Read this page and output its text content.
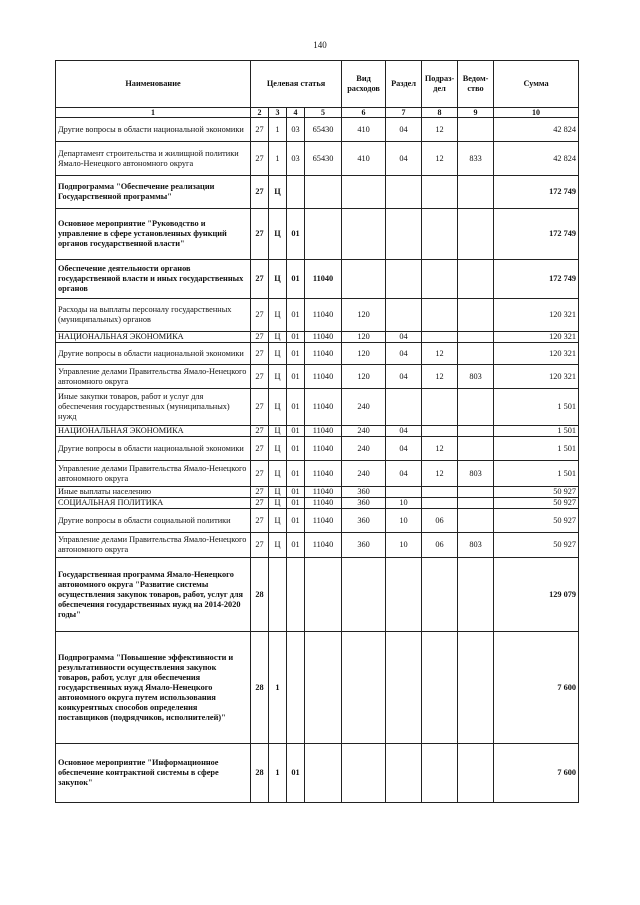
140
Наименование	Целевая статья				Вид расходов	Раздел	Подраз-дел	Ведом-ство	Сумма
1	2	3	4	5	6	7	8	9	10
Другие вопросы в области национальной экономики	27	1	03	65430	410	04	12		42 824
Департамент строительства и жилищной политики Ямало-Ненецкого автономного округа	27	1	03	65430	410	04	12	833	42 824
Подпрограмма "Обеспечение реализации Государственной программы"	27	Ц							172 749
Основное мероприятие "Руководство и управление в сфере установленных функций органов государственной власти"	27	Ц	01						172 749
Обеспечение деятельности органов государственной власти и иных государственных органов	27	Ц	01	11040					172 749
Расходы на выплаты персоналу государственных (муниципальных) органов	27	Ц	01	11040	120				120 321
НАЦИОНАЛЬНАЯ ЭКОНОМИКА	27	Ц	01	11040	120	04			120 321
Другие вопросы в области национальной экономики	27	Ц	01	11040	120	04	12		120 321
Управление делами Правительства Ямало-Ненецкого автономного округа	27	Ц	01	11040	120	04	12	803	120 321
Иные закупки товаров, работ и услуг для обеспечения государственных (муниципальных) нужд	27	Ц	01	11040	240				1 501
НАЦИОНАЛЬНАЯ ЭКОНОМИКА	27	Ц	01	11040	240	04			1 501
Другие вопросы в области национальной экономики	27	Ц	01	11040	240	04	12		1 501
Управление делами Правительства Ямало-Ненецкого автономного округа	27	Ц	01	11040	240	04	12	803	1 501
Иные выплаты населению	27	Ц	01	11040	360				50 927
СОЦИАЛЬНАЯ ПОЛИТИКА	27	Ц	01	11040	360	10			50 927
Другие вопросы в области социальной политики	27	Ц	01	11040	360	10	06		50 927
Управление делами Правительства Ямало-Ненецкого автономного округа	27	Ц	01	11040	360	10	06	803	50 927
Государственная программа Ямало-Ненецкого автономного округа "Развитие системы осуществления закупок товаров, работ, услуг для обеспечения государственных нужд на 2014-2020 годы"	28								129 079
Подпрограмма "Повышение эффективности и результативности осуществления закупок товаров, работ, услуг для обеспечения государственных нужд Ямало-Ненецкого автономного округа путем использования конкурентных способов определения поставщиков (подрядчиков, исполнителей)"	28	1							7 600
Основное мероприятие "Информационное обеспечение контрактной системы в сфере закупок"	28	1	01						7 600
